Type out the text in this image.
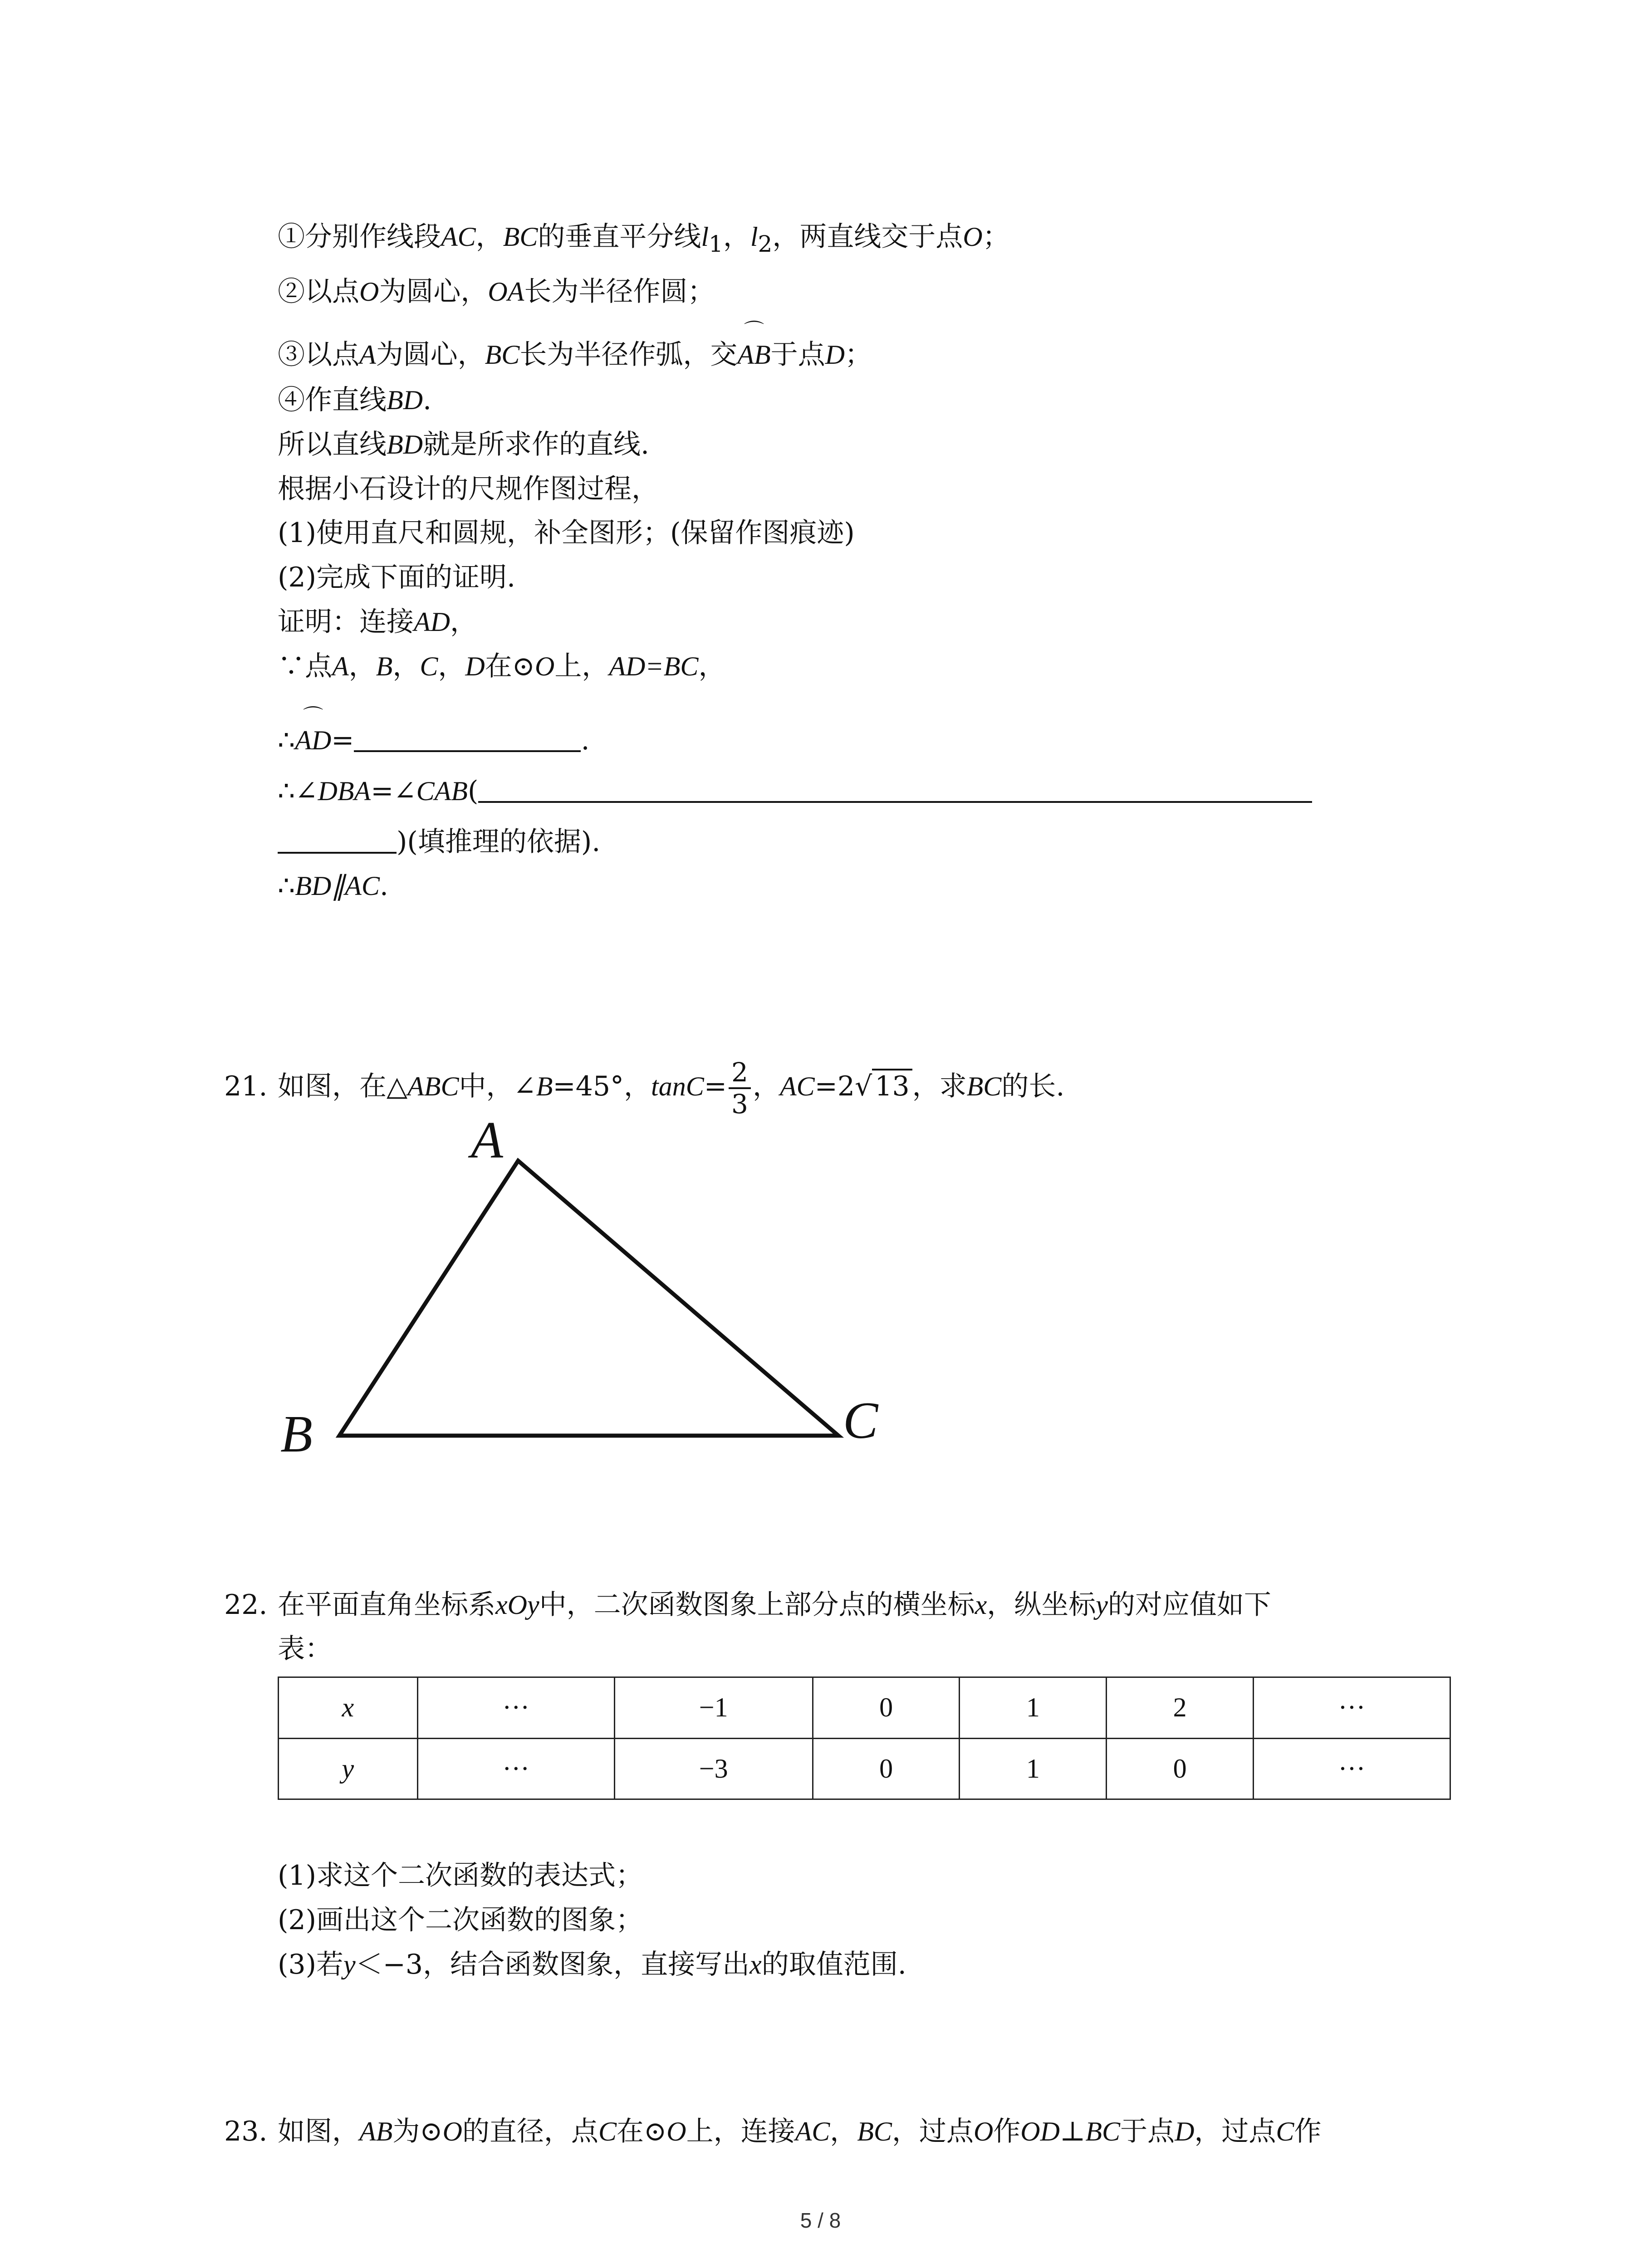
①分别作线段AC，BC的垂直平分线$l_1$，$l_2$，两直线交于点O；
②以点O为圆心，OA长为半径作圆；
③以点A为圆心，BC长为半径作弧，交
⌒
AB于点D；
④作直线BD.
所以直线BD就是所求作的直线.
根据小石设计的尺规作图过程，
(1)使用直尺和圆规，补全图形；(保留作图痕迹)
(2)完成下面的证明.
证明：连接AD，
∵点A，B，C，D在⊙O上，AD=BC，
∴
⌒
AD=	.
∴∠DBA=∠CAB(
)(填推理的依据).
∴BD∥AC.
21. 如图，在△ABC中，∠B=45°，$\tan C= \frac{2}{3}$ ，AC=2√ 13 ，求BC的长.
A
B	C
22. 在平面直角坐标系xOy中，二次函数图象上部分点的横坐标x，纵坐标y的对应值如下
表：
x	···	−1	0	1	2	···
y	···	−3	0	1	0	···
(1)求这个二次函数的表达式；
(2)画出这个二次函数的图象；
(3)若y＜−3，结合函数图象，直接写出x的取值范围.
23. 如图，AB为⊙O的直径，点C在⊙O上，连接AC，BC，过点O作OD⊥BC于点D，过点C作
5 / 8
